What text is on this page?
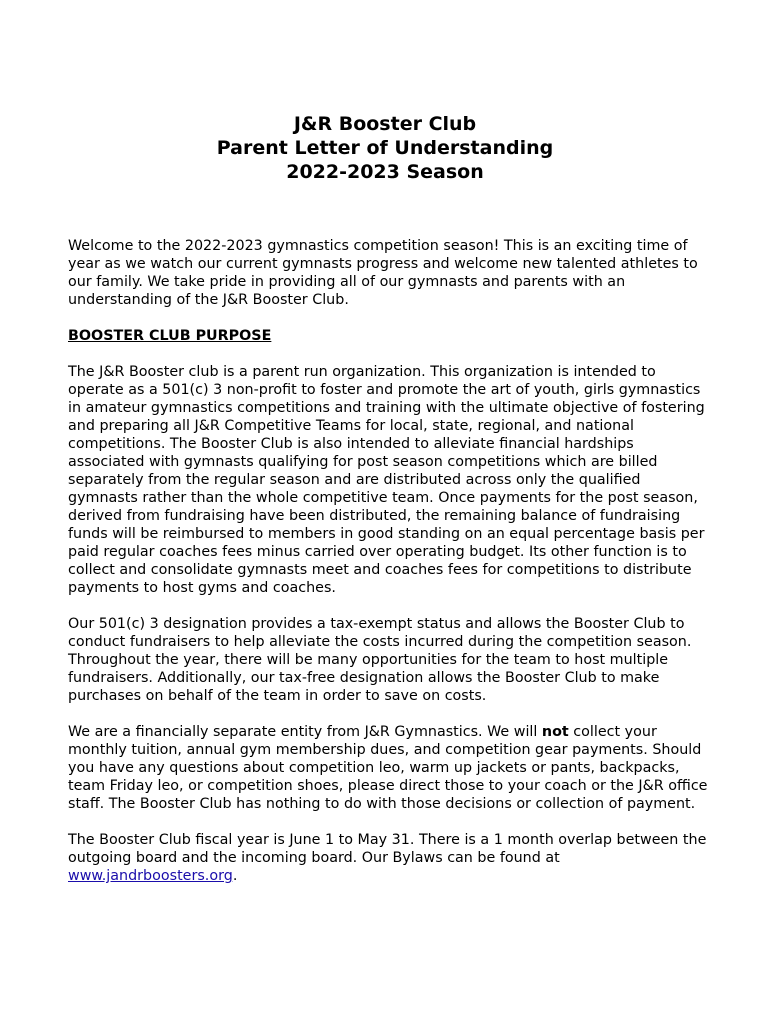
J&R Booster Club
Parent Letter of Understanding
2022-2023 Season

Welcome to the 2022-2023 gymnastics competition season! This is an exciting time of year as we watch our current gymnasts progress and welcome new talented athletes to our family. We take pride in providing all of our gymnasts and parents with an understanding of the J&R Booster Club.

BOOSTER CLUB PURPOSE

The J&R Booster club is a parent run organization. This organization is intended to operate as a 501(c) 3 non-profit to foster and promote the art of youth, girls gymnastics in amateur gymnastics competitions and training with the ultimate objective of fostering and preparing all J&R Competitive Teams for local, state, regional, and national competitions. The Booster Club is also intended to alleviate financial hardships associated with gymnasts qualifying for post season competitions which are billed separately from the regular season and are distributed across only the qualified gymnasts rather than the whole competitive team. Once payments for the post season, derived from fundraising have been distributed, the remaining balance of fundraising funds will be reimbursed to members in good standing on an equal percentage basis per paid regular coaches fees minus carried over operating budget. Its other function is to collect and consolidate gymnasts meet and coaches fees for competitions to distribute payments to host gyms and coaches.

Our 501(c) 3 designation provides a tax-exempt status and allows the Booster Club to conduct fundraisers to help alleviate the costs incurred during the competition season. Throughout the year, there will be many opportunities for the team to host multiple fundraisers. Additionally, our tax-free designation allows the Booster Club to make purchases on behalf of the team in order to save on costs.

We are a financially separate entity from J&R Gymnastics. We will not collect your monthly tuition, annual gym membership dues, and competition gear payments. Should you have any questions about competition leo, warm up jackets or pants, backpacks, team Friday leo, or competition shoes, please direct those to your coach or the J&R office staff. The Booster Club has nothing to do with those decisions or collection of payment.

The Booster Club fiscal year is June 1 to May 31. There is a 1 month overlap between the outgoing board and the incoming board. Our Bylaws can be found at www.jandrboosters.org.
